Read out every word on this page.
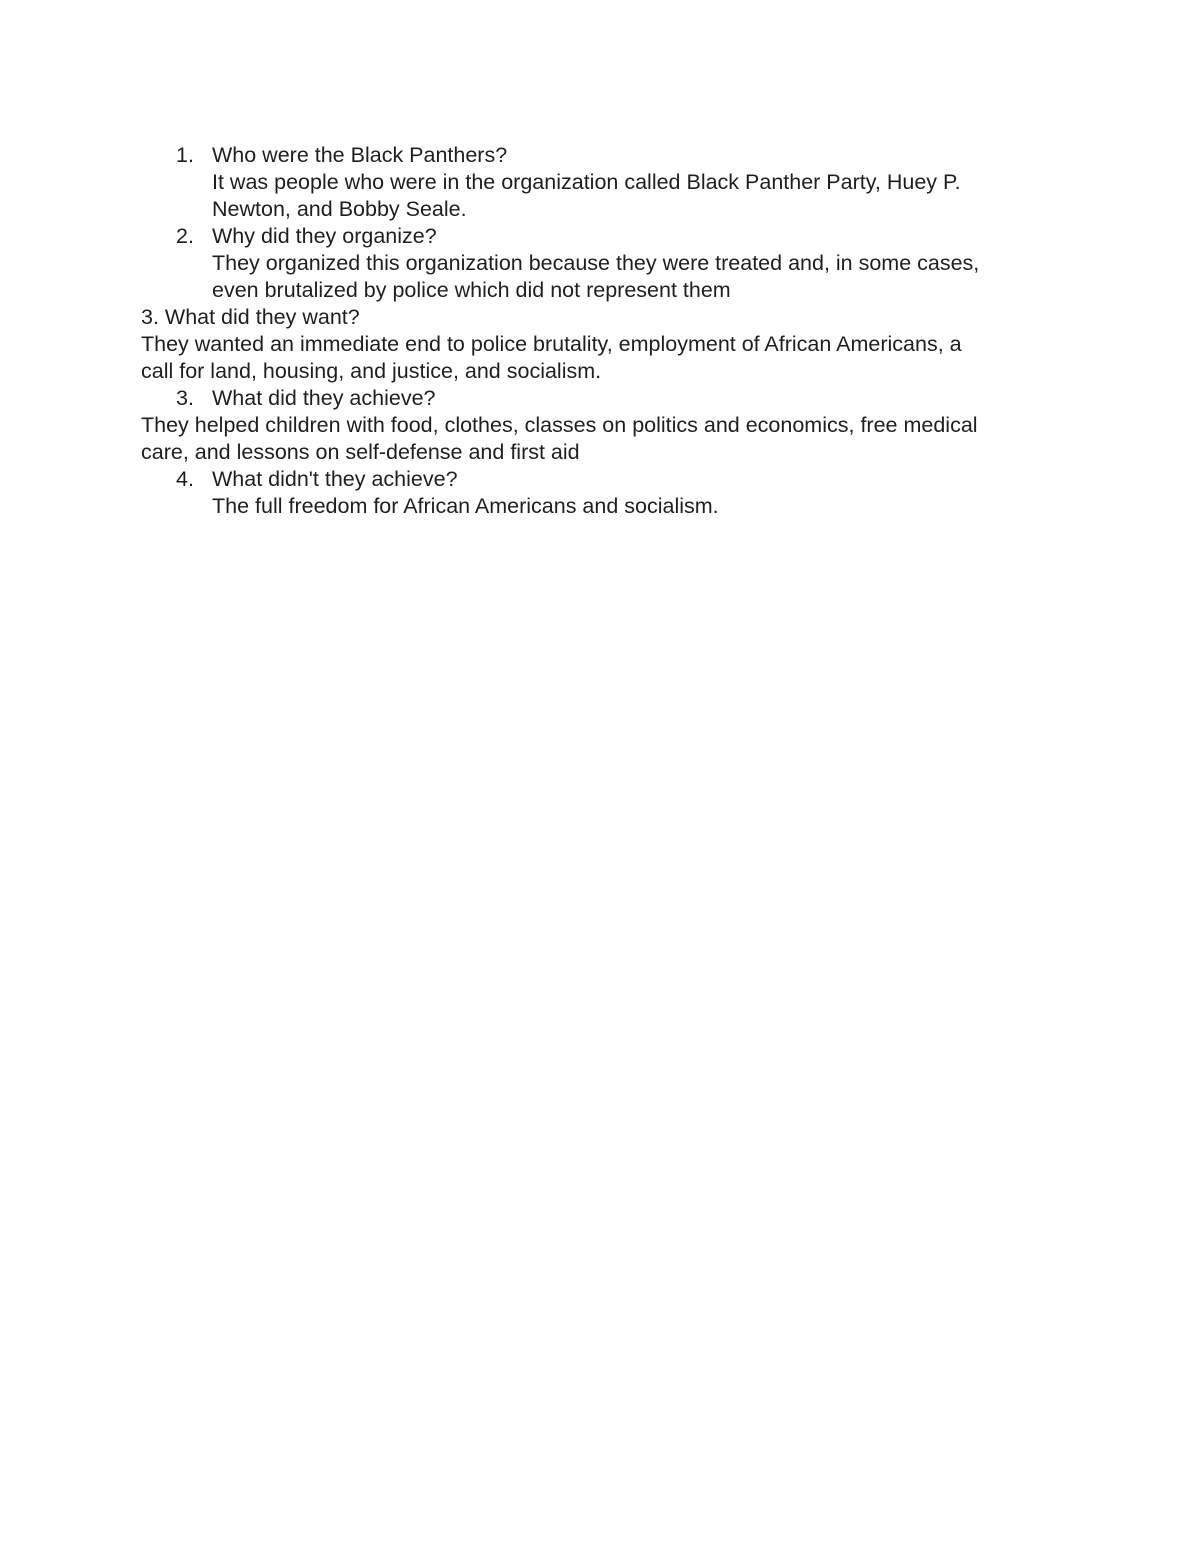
1. Who were the Black Panthers?
It was people who were in the organization called Black Panther Party, Huey P.
Newton, and Bobby Seale.
2. Why did they organize?
They organized this organization because they were treated and, in some cases,
even brutalized by police which did not represent them
3. What did they want?
They wanted an immediate end to police brutality, employment of African Americans, a
call for land, housing, and justice, and socialism.
3. What did they achieve?
They helped children with food, clothes, classes on politics and economics, free medical
care, and lessons on self-defense and first aid
4. What didn't they achieve?
The full freedom for African Americans and socialism.
